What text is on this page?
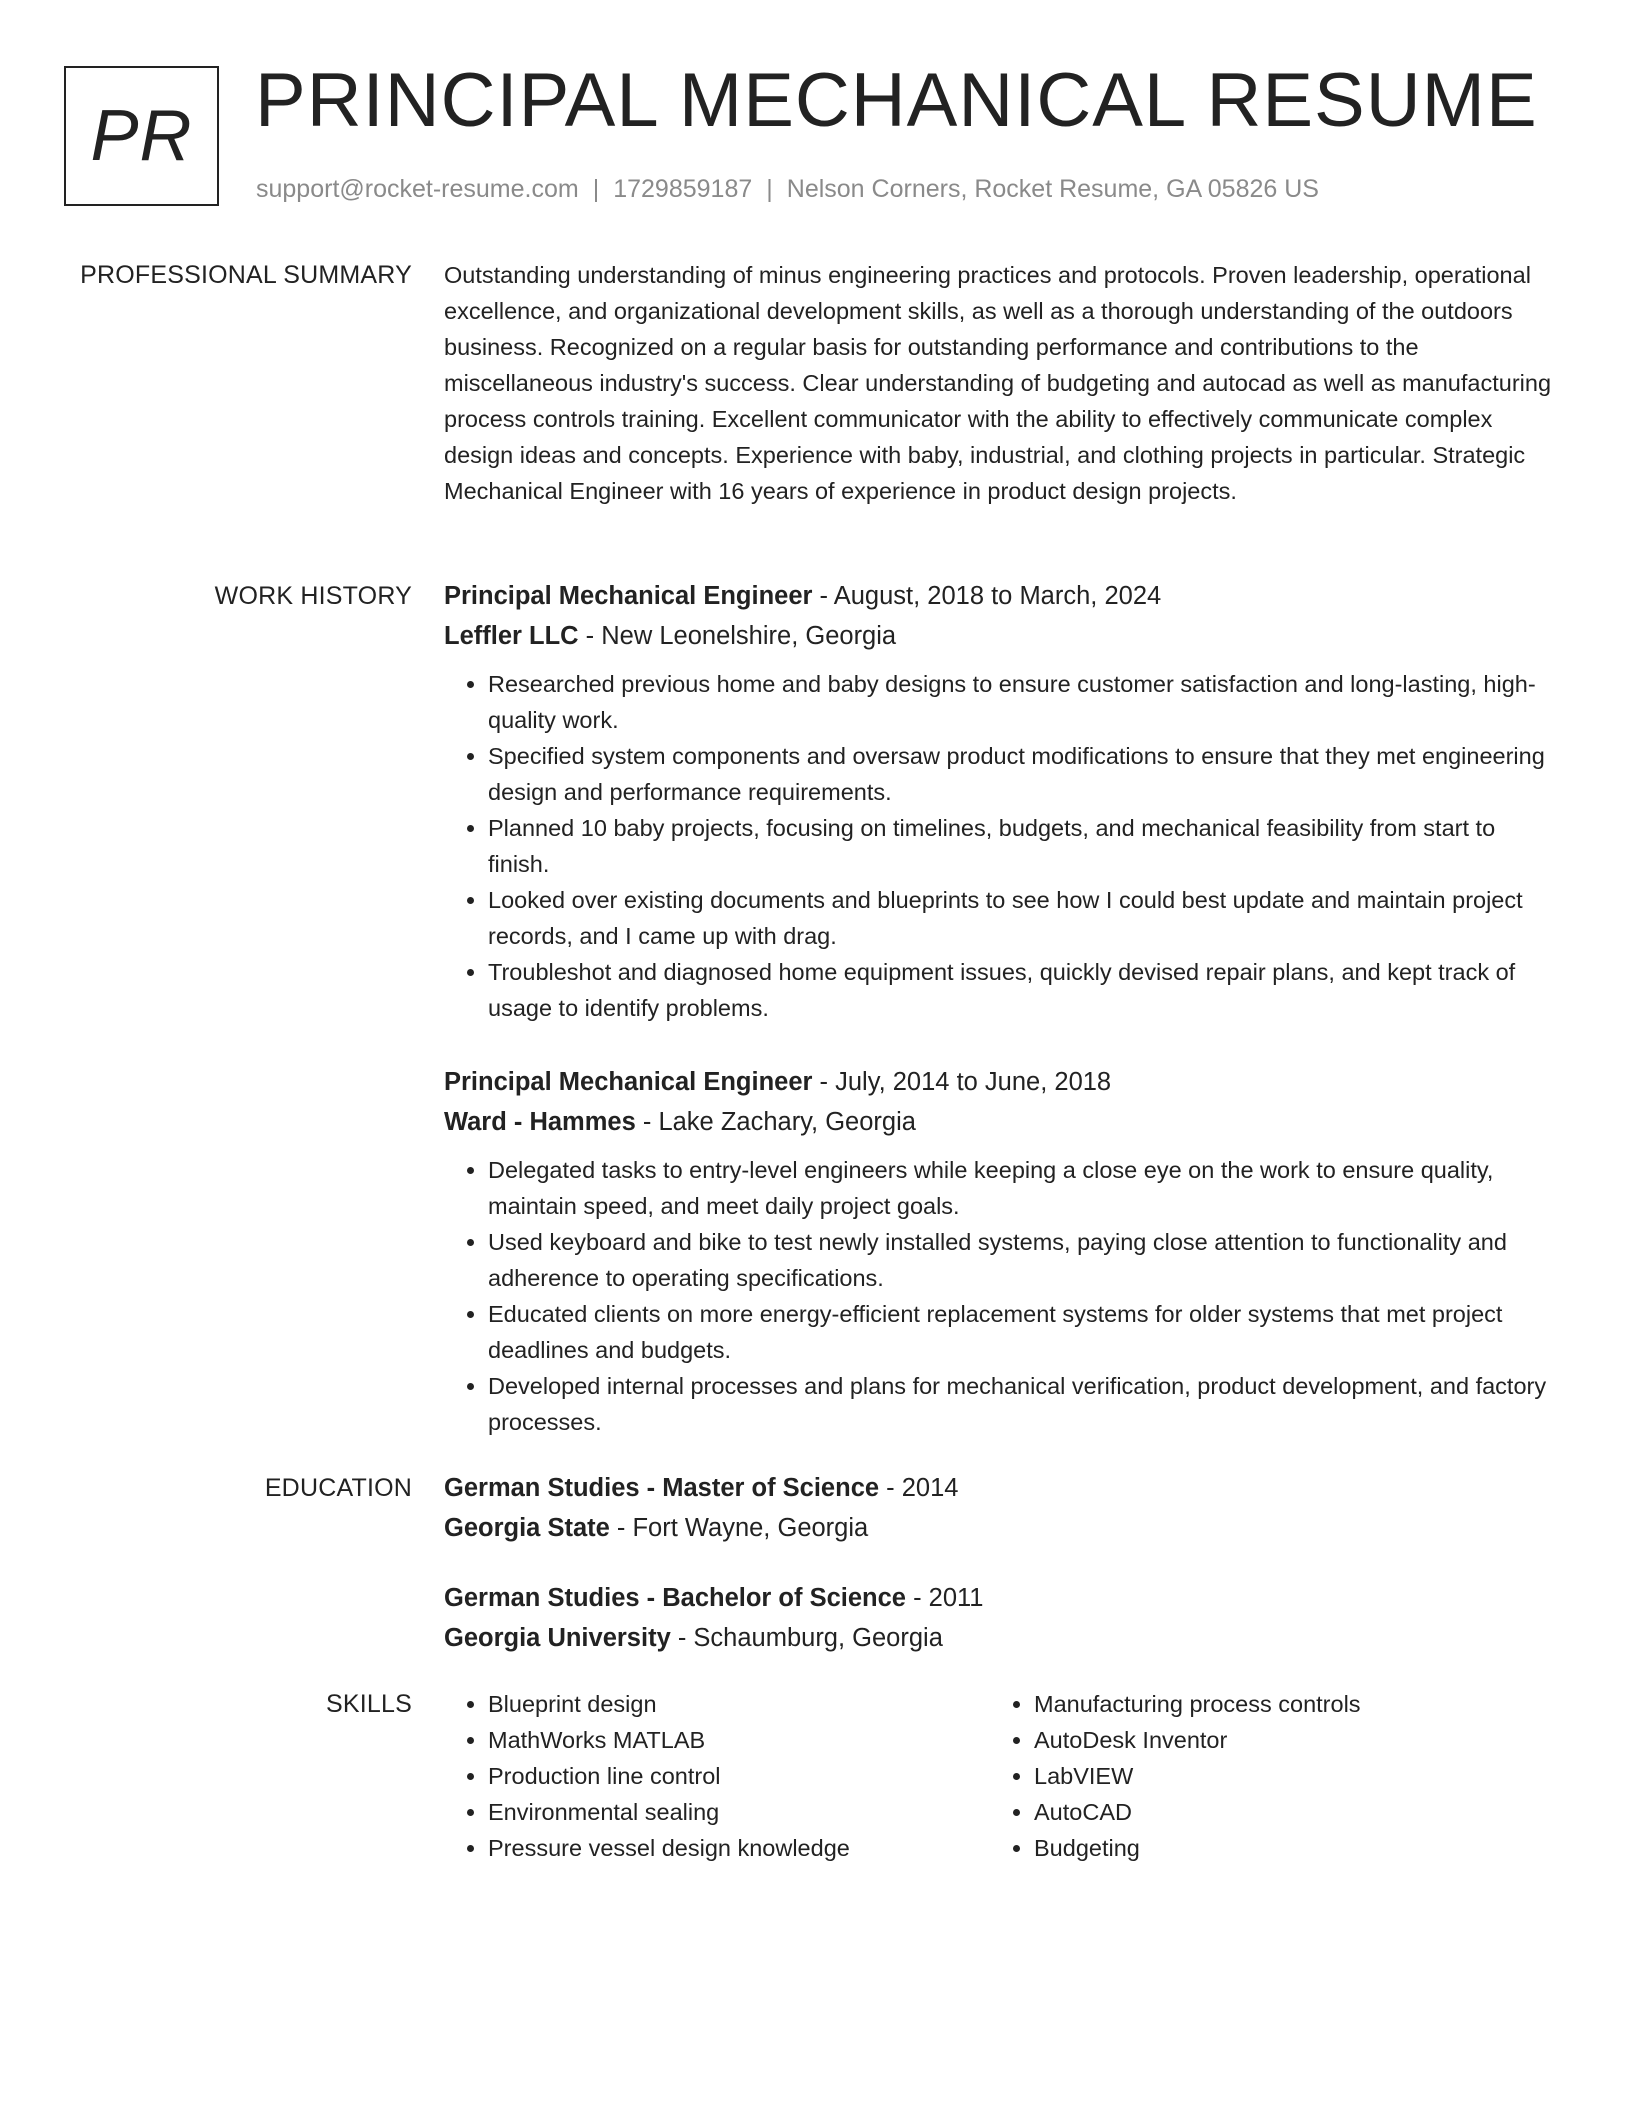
PR PRINCIPAL MECHANICAL RESUME
support@rocket-resume.com | 1729859187 | Nelson Corners, Rocket Resume, GA 05826 US
PROFESSIONAL SUMMARY Outstanding understanding of minus engineering practices and protocols. Proven leadership, operational excellence, and organizational development skills, as well as a thorough understanding of the outdoors business. Recognized on a regular basis for outstanding performance and contributions to the miscellaneous industry's success. Clear understanding of budgeting and autocad as well as manufacturing process controls training. Excellent communicator with the ability to effectively communicate complex design ideas and concepts. Experience with baby, industrial, and clothing projects in particular. Strategic Mechanical Engineer with 16 years of experience in product design projects.

WORK HISTORY Principal Mechanical Engineer - August, 2018 to March, 2024
Leffler LLC - New Leonelshire, Georgia
• Researched previous home and baby designs to ensure customer satisfaction and long-lasting, high-quality work.
• Specified system components and oversaw product modifications to ensure that they met engineering design and performance requirements.
• Planned 10 baby projects, focusing on timelines, budgets, and mechanical feasibility from start to finish.
• Looked over existing documents and blueprints to see how I could best update and maintain project records, and I came up with drag.
• Troubleshot and diagnosed home equipment issues, quickly devised repair plans, and kept track of usage to identify problems.
Principal Mechanical Engineer - July, 2014 to June, 2018
Ward - Hammes - Lake Zachary, Georgia
• Delegated tasks to entry-level engineers while keeping a close eye on the work to ensure quality, maintain speed, and meet daily project goals.
• Used keyboard and bike to test newly installed systems, paying close attention to functionality and adherence to operating specifications.
• Educated clients on more energy-efficient replacement systems for older systems that met project deadlines and budgets.
• Developed internal processes and plans for mechanical verification, product development, and factory processes.
EDUCATION German Studies - Master of Science - 2014
Georgia State - Fort Wayne, Georgia
German Studies - Bachelor of Science - 2011
Georgia University - Schaumburg, Georgia
SKILLS
•	Blueprint design
• MathWorks MATLAB
• Production line control
• Environmental sealing
• Pressure vessel design knowledge
• Manufacturing process controls
• AutoDesk Inventor
• LabVIEW
• AutoCAD
• Budgeting
